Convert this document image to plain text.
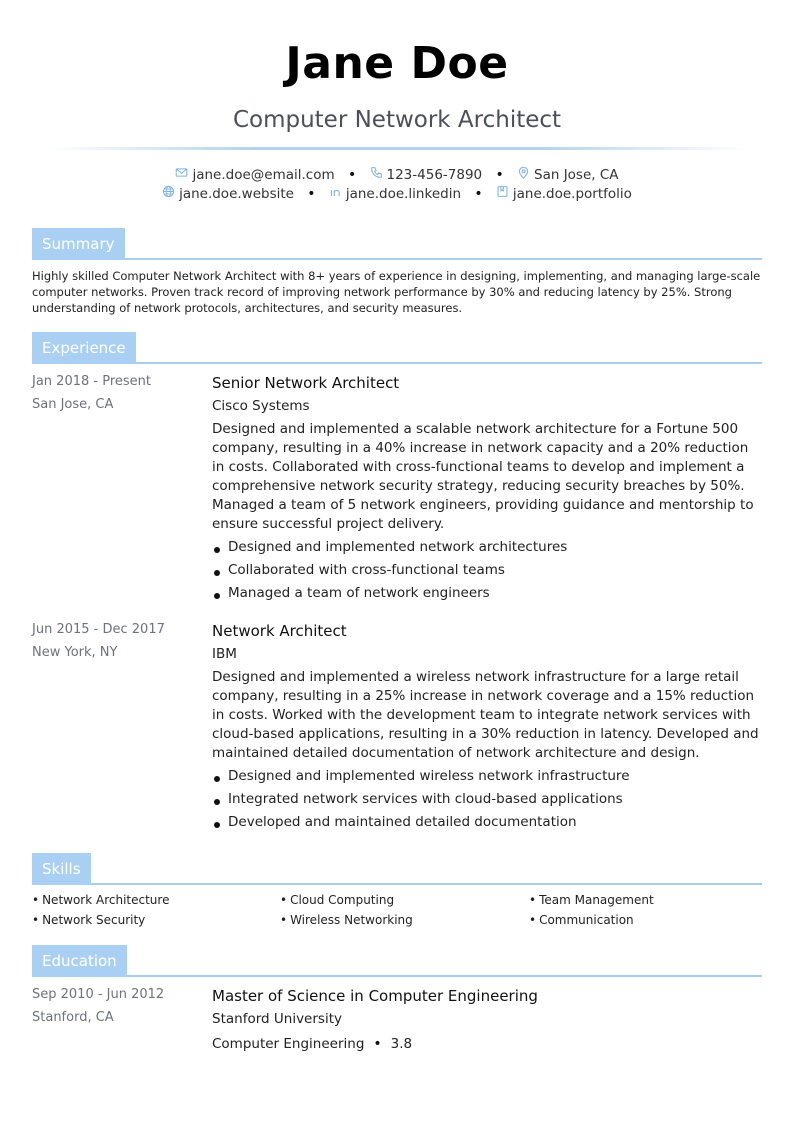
Jane Doe
Computer Network Architect
jane.doe@email.com • 123-456-7890 • San Jose, CA
jane.doe.website • jane.doe.linkedin • jane.doe.portfolio
Summary
Highly skilled Computer Network Architect with 8+ years of experience in designing, implementing, and managing large-scale computer networks. Proven track record of improving network performance by 30% and reducing latency by 25%. Strong understanding of network protocols, architectures, and security measures.
Experience
Jan 2018 - Present
San Jose, CA
Senior Network Architect
Cisco Systems
Designed and implemented a scalable network architecture for a Fortune 500 company, resulting in a 40% increase in network capacity and a 20% reduction in costs. Collaborated with cross-functional teams to develop and implement a comprehensive network security strategy, reducing security breaches by 50%. Managed a team of 5 network engineers, providing guidance and mentorship to ensure successful project delivery.
Designed and implemented network architectures
Collaborated with cross-functional teams
Managed a team of network engineers
Jun 2015 - Dec 2017
New York, NY
Network Architect
IBM
Designed and implemented a wireless network infrastructure for a large retail company, resulting in a 25% increase in network coverage and a 15% reduction in costs. Worked with the development team to integrate network services with cloud-based applications, resulting in a 30% reduction in latency. Developed and maintained detailed documentation of network architecture and design.
Designed and implemented wireless network infrastructure
Integrated network services with cloud-based applications
Developed and maintained detailed documentation
Skills
• Network Architecture	• Cloud Computing	• Team Management
• Network Security	• Wireless Networking	• Communication
Education
Sep 2010 - Jun 2012
Stanford, CA
Master of Science in Computer Engineering
Stanford University
Computer Engineering • 3.8
